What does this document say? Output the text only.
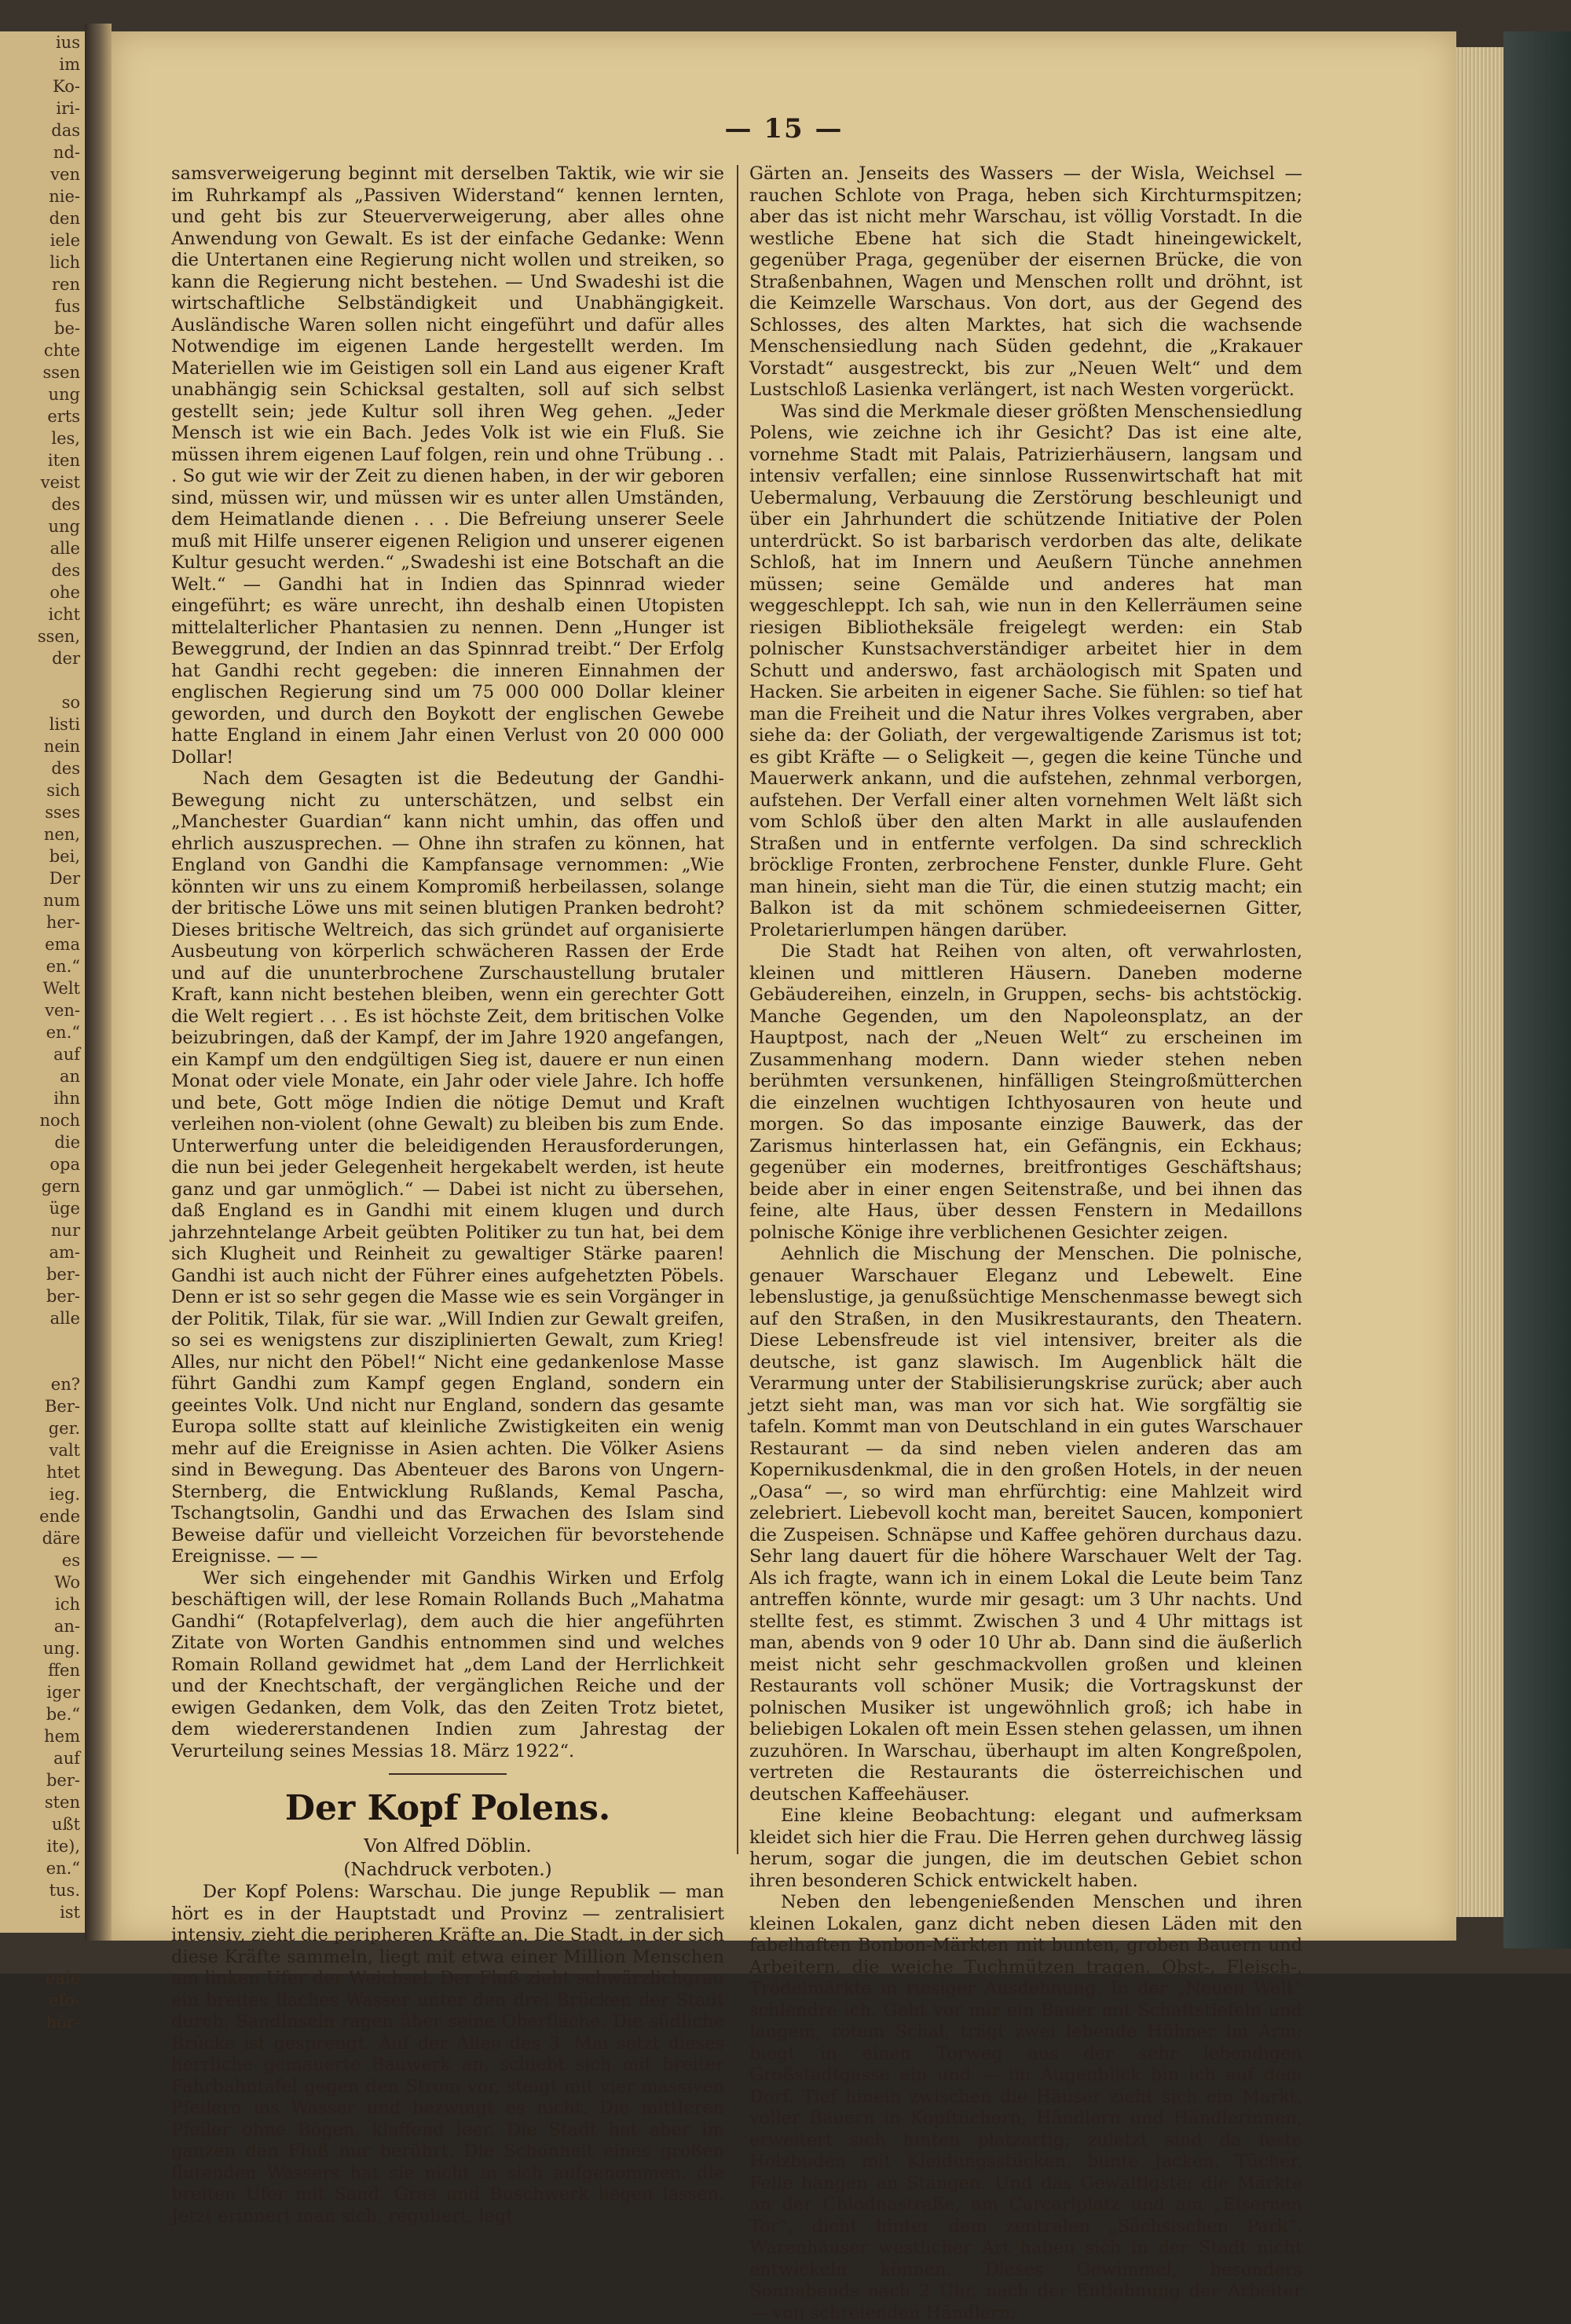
ius
im
Ko-
iri-
das
nd-
ven
nie-
den
iele
lich
ren
fus
be-
chte
ssen
ung
erts
les,
iten
veist
des
ung
alle
des
ohe
icht
ssen,
der

so
listi
nein
des
sich
sses
nen,
bei,
Der
num
her-
ema
en.“
Welt
ven-
en.“
auf
an
ihn
noch
die
opa
gern
üge
nur
am-
ber-
ber-
alle

en?
Ber-
ger.
valt
htet
ieg.
ende
däre
es
Wo
ich
an-
ung.
ffen
iger
be.“
hem
auf
ber-
sten
ußt
ite),
en.“
tus.
ist

eale
efo-
hör-
— 15 —

samsverweigerung beginnt mit derselben Taktik, wie wir sie im Ruhrkampf als „Passiven Widerstand“ kennen lernten, und geht bis zur Steuerverweigerung, aber alles ohne Anwendung von Gewalt. Es ist der einfache Gedanke: Wenn die Untertanen eine Regierung nicht wollen und streiken, so kann die Regierung nicht bestehen. — Und Swadeshi ist die wirtschaftliche Selbständigkeit und Unabhängigkeit. Ausländische Waren sollen nicht eingeführt und dafür alles Notwendige im eigenen Lande hergestellt werden. Im Materiellen wie im Geistigen soll ein Land aus eigener Kraft unabhängig sein Schicksal gestalten, soll auf sich selbst gestellt sein; jede Kultur soll ihren Weg gehen. „Jeder Mensch ist wie ein Bach. Jedes Volk ist wie ein Fluß. Sie müssen ihrem eigenen Lauf folgen, rein und ohne Trübung . . . So gut wie wir der Zeit zu dienen haben, in der wir geboren sind, müssen wir, und müssen wir es unter allen Umständen, dem Heimatlande dienen . . . Die Befreiung unserer Seele muß mit Hilfe unserer eigenen Religion und unserer eigenen Kultur gesucht werden.“ „Swadeshi ist eine Botschaft an die Welt.“ — Gandhi hat in Indien das Spinnrad wieder eingeführt; es wäre unrecht, ihn deshalb einen Utopisten mittelalterlicher Phantasien zu nennen. Denn „Hunger ist Beweggrund, der Indien an das Spinnrad treibt.“ Der Erfolg hat Gandhi recht gegeben: die inneren Einnahmen der englischen Regierung sind um 75 000 000 Dollar kleiner geworden, und durch den Boykott der englischen Gewebe hatte England in einem Jahr einen Verlust von 20 000 000 Dollar!

Nach dem Gesagten ist die Bedeutung der Gandhi-Bewegung nicht zu unterschätzen, und selbst ein „Manchester Guardian“ kann nicht umhin, das offen und ehrlich auszusprechen. — Ohne ihn strafen zu können, hat England von Gandhi die Kampfansage vernommen: „Wie könnten wir uns zu einem Kompromiß herbeilassen, solange der britische Löwe uns mit seinen blutigen Pranken bedroht? Dieses britische Weltreich, das sich gründet auf organisierte Ausbeutung von körperlich schwächeren Rassen der Erde und auf die ununterbrochene Zurschaustellung brutaler Kraft, kann nicht bestehen bleiben, wenn ein gerechter Gott die Welt regiert . . . Es ist höchste Zeit, dem britischen Volke beizubringen, daß der Kampf, der im Jahre 1920 angefangen, ein Kampf um den endgültigen Sieg ist, dauere er nun einen Monat oder viele Monate, ein Jahr oder viele Jahre. Ich hoffe und bete, Gott möge Indien die nötige Demut und Kraft verleihen non-violent (ohne Gewalt) zu bleiben bis zum Ende. Unterwerfung unter die beleidigenden Herausforderungen, die nun bei jeder Gelegenheit hergekabelt werden, ist heute ganz und gar unmöglich.“ — Dabei ist nicht zu übersehen, daß England es in Gandhi mit einem klugen und durch jahrzehntelange Arbeit geübten Politiker zu tun hat, bei dem sich Klugheit und Reinheit zu gewaltiger Stärke paaren! Gandhi ist auch nicht der Führer eines aufgehetzten Pöbels. Denn er ist so sehr gegen die Masse wie es sein Vorgänger in der Politik, Tilak, für sie war. „Will Indien zur Gewalt greifen, so sei es wenigstens zur disziplinierten Gewalt, zum Krieg! Alles, nur nicht den Pöbel!“ Nicht eine gedankenlose Masse führt Gandhi zum Kampf gegen England, sondern ein geeintes Volk. Und nicht nur England, sondern das gesamte Europa sollte statt auf kleinliche Zwistigkeiten ein wenig mehr auf die Ereignisse in Asien achten. Die Völker Asiens sind in Bewegung. Das Abenteuer des Barons von Ungern-Sternberg, die Entwicklung Rußlands, Kemal Pascha, Tschangtsolin, Gandhi und das Erwachen des Islam sind Beweise dafür und vielleicht Vorzeichen für bevorstehende Ereignisse. — —

Wer sich eingehender mit Gandhis Wirken und Erfolg beschäftigen will, der lese Romain Rollands Buch „Mahatma Gandhi“ (Rotapfelverlag), dem auch die hier angeführten Zitate von Worten Gandhis entnommen sind und welches Romain Rolland gewidmet hat „dem Land der Herrlichkeit und der Knechtschaft, der vergänglichen Reiche und der ewigen Gedanken, dem Volk, das den Zeiten Trotz bietet, dem wiedererstandenen Indien zum Jahrestag der Verurteilung seines Messias 18. März 1922“.

Der Kopf Polens.
Von Alfred Döblin.
(Nachdruck verboten.)

Der Kopf Polens: Warschau. Die junge Republik — man hört es in der Hauptstadt und Provinz — zentralisiert intensiv, zieht die peripheren Kräfte an. Die Stadt, in der sich diese Kräfte sammeln, liegt mit etwa einer Million Menschen am linken Ufer der Weichsel. Der Fluß zieht schwärzlichgrau ein breites flaches Wasser unter den drei Brücken der Stadt durch, Sandinseln ragen über seine Oberfläche. Die südliche Brücke ist gesprengt. Auf der Allee des 3. Mai setzt dieses herrliche gemauerte Bauwerk an, schiebt sich mit breiter Fahrbahntafel gegen den Strom vor, steigt mit vier massiven Pfeilern ins Wasser und bezwingt es nicht. Die mittleren Pfeiler ohne Bögen, klaffend leer. Die Stadt hat aber im ganzen den Fluß nur berührt. Die Schönheit eines großen flutenden Wassers hat sie nicht in sich aufgenommen, die breiten Ufer mit Sand, Gras und Buschwerk liegen lassen. Jetzt erinnert man sich, reguliert, legt

Gärten an. Jenseits des Wassers — der Wisla, Weichsel — rauchen Schlote von Praga, heben sich Kirchturmspitzen; aber das ist nicht mehr Warschau, ist völlig Vorstadt. In die westliche Ebene hat sich die Stadt hineingewickelt, gegenüber Praga, gegenüber der eisernen Brücke, die von Straßenbahnen, Wagen und Menschen rollt und dröhnt, ist die Keimzelle Warschaus. Von dort, aus der Gegend des Schlosses, des alten Marktes, hat sich die wachsende Menschensiedlung nach Süden gedehnt, die „Krakauer Vorstadt“ ausgestreckt, bis zur „Neuen Welt“ und dem Lustschloß Lasienka verlängert, ist nach Westen vorgerückt.

Was sind die Merkmale dieser größten Menschensiedlung Polens, wie zeichne ich ihr Gesicht? Das ist eine alte, vornehme Stadt mit Palais, Patrizierhäusern, langsam und intensiv verfallen; eine sinnlose Russenwirtschaft hat mit Uebermalung, Verbauung die Zerstörung beschleunigt und über ein Jahrhundert die schützende Initiative der Polen unterdrückt. So ist barbarisch verdorben das alte, delikate Schloß, hat im Innern und Aeußern Tünche annehmen müssen; seine Gemälde und anderes hat man weggeschleppt. Ich sah, wie nun in den Kellerräumen seine riesigen Bibliotheksäle freigelegt werden: ein Stab polnischer Kunstsachverständiger arbeitet hier in dem Schutt und anderswo, fast archäologisch mit Spaten und Hacken. Sie arbeiten in eigener Sache. Sie fühlen: so tief hat man die Freiheit und die Natur ihres Volkes vergraben, aber siehe da: der Goliath, der vergewaltigende Zarismus ist tot; es gibt Kräfte — o Seligkeit —, gegen die keine Tünche und Mauerwerk ankann, und die aufstehen, zehnmal verborgen, aufstehen. Der Verfall einer alten vornehmen Welt läßt sich vom Schloß über den alten Markt in alle auslaufenden Straßen und in entfernte verfolgen. Da sind schrecklich bröcklige Fronten, zerbrochene Fenster, dunkle Flure. Geht man hinein, sieht man die Tür, die einen stutzig macht; ein Balkon ist da mit schönem schmiedeeisernen Gitter, Proletarierlumpen hängen darüber.

Die Stadt hat Reihen von alten, oft verwahrlosten, kleinen und mittleren Häusern. Daneben moderne Gebäudereihen, einzeln, in Gruppen, sechs- bis achtstöckig. Manche Gegenden, um den Napoleonsplatz, an der Hauptpost, nach der „Neuen Welt“ zu erscheinen im Zusammenhang modern. Dann wieder stehen neben berühmten versunkenen, hinfälligen Steingroßmütterchen die einzelnen wuchtigen Ichthyosauren von heute und morgen. So das imposante einzige Bauwerk, das der Zarismus hinterlassen hat, ein Gefängnis, ein Eckhaus; gegenüber ein modernes, breitfrontiges Geschäftshaus; beide aber in einer engen Seitenstraße, und bei ihnen das feine, alte Haus, über dessen Fenstern in Medaillons polnische Könige ihre verblichenen Gesichter zeigen.

Aehnlich die Mischung der Menschen. Die polnische, genauer Warschauer Eleganz und Lebewelt. Eine lebenslustige, ja genußsüchtige Menschenmasse bewegt sich auf den Straßen, in den Musikrestaurants, den Theatern. Diese Lebensfreude ist viel intensiver, breiter als die deutsche, ist ganz slawisch. Im Augenblick hält die Verarmung unter der Stabilisierungskrise zurück; aber auch jetzt sieht man, was man vor sich hat. Wie sorgfältig sie tafeln. Kommt man von Deutschland in ein gutes Warschauer Restaurant — da sind neben vielen anderen das am Kopernikusdenkmal, die in den großen Hotels, in der neuen „Oasa“ —, so wird man ehrfürchtig: eine Mahlzeit wird zelebriert. Liebevoll kocht man, bereitet Saucen, komponiert die Zuspeisen. Schnäpse und Kaffee gehören durchaus dazu. Sehr lang dauert für die höhere Warschauer Welt der Tag. Als ich fragte, wann ich in einem Lokal die Leute beim Tanz antreffen könnte, wurde mir gesagt: um 3 Uhr nachts. Und stellte fest, es stimmt. Zwischen 3 und 4 Uhr mittags ist man, abends von 9 oder 10 Uhr ab. Dann sind die äußerlich meist nicht sehr geschmackvollen großen und kleinen Restaurants voll schöner Musik; die Vortragskunst der polnischen Musiker ist ungewöhnlich groß; ich habe in beliebigen Lokalen oft mein Essen stehen gelassen, um ihnen zuzuhören. In Warschau, überhaupt im alten Kongreßpolen, vertreten die Restaurants die österreichischen und deutschen Kaffeehäuser.

Eine kleine Beobachtung: elegant und aufmerksam kleidet sich hier die Frau. Die Herren gehen durchweg lässig herum, sogar die jungen, die im deutschen Gebiet schon ihren besonderen Schick entwickelt haben.

Neben den lebengenießenden Menschen und ihren kleinen Lokalen, ganz dicht neben diesen Läden mit den fabelhaften Bonbon-Märkten mit bunten, groben Bauern und Arbeitern, die weiche Tuchmützen tragen. Obst-, Fleisch-, Trödelmärkte in riesiger Ausdehnung. In der „Neuen Welt“ schlendre ich. Geht vor mir ein Bauer mit Schaftstiefeln und langem, rotem Schal, trägt zwei lebende Hühner im Arm; biegt in einen Torweg aus der sehr lebendigen Großstadtgasse ein und — im Augenblick bin ich auf dem Dorf. Tief hinein zwischen die Häuser zieht sich ein Markt, voller Bauern in Kopftüchern, Händlern und Händlerinnen, erweitert sich hinten platzartig; zuletzt sind da feste Holzbuden mit Kleidungsstücken, bunte Jacken, Tücher, Felle hängen an Stangen. Und das Gewaltigste: die Märkte an der Chlodnastraße, am Carcarlplatz und am „Eisernen Tor“, dicht hinter dem zentralen „Sächsischen Park“. Warenhäuser westlicher Art haben sich in der Stadt nicht entwickeln können. Dieses Gewimmel, besonders Sonnabends nach 2 Uhr, nach der Entlohnung der Arbeiter — von schreienden Händlern;
